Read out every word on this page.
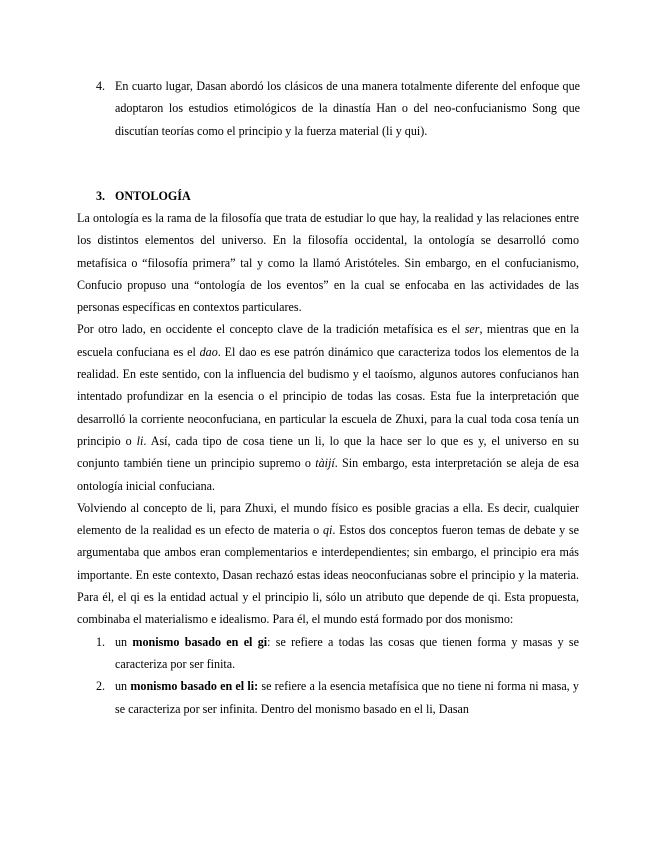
4. En cuarto lugar, Dasan abordó los clásicos de una manera totalmente diferente del enfoque que adoptaron los estudios etimológicos de la dinastía Han o del neo-confucianismo Song que discutían teorías como el principio y la fuerza material (li y qui).
3. ONTOLOGÍA

La ontología es la rama de la filosofía que trata de estudiar lo que hay, la realidad y las relaciones entre los distintos elementos del universo. En la filosofía occidental, la ontología se desarrolló como metafísica o “filosofía primera” tal y como la llamó Aristóteles. Sin embargo, en el confucianismo, Confucio propuso una “ontología de los eventos” en la cual se enfocaba en las actividades de las personas específicas en contextos particulares.

Por otro lado, en occidente el concepto clave de la tradición metafísica es el ser, mientras que en la escuela confuciana es el dao. El dao es ese patrón dinámico que caracteriza todos los elementos de la realidad. En este sentido, con la influencia del budismo y el taoísmo, algunos autores confucianos han intentado profundizar en la esencia o el principio de todas las cosas. Esta fue la interpretación que desarrolló la corriente neoconfuciana, en particular la escuela de Zhuxi, para la cual toda cosa tenía un principio o li. Así, cada tipo de cosa tiene un li, lo que la hace ser lo que es y, el universo en su conjunto también tiene un principio supremo o tàijí. Sin embargo, esta interpretación se aleja de esa ontología inicial confuciana.

Volviendo al concepto de li, para Zhuxi, el mundo físico es posible gracias a ella. Es decir, cualquier elemento de la realidad es un efecto de materia o qi. Estos dos conceptos fueron temas de debate y se argumentaba que ambos eran complementarios e interdependientes; sin embargo, el principio era más importante. En este contexto, Dasan rechazó estas ideas neoconfucianas sobre el principio y la materia. Para él, el qi es la entidad actual y el principio li, sólo un atributo que depende de qi. Esta propuesta, combinaba el materialismo e idealismo. Para él, el mundo está formado por dos monismo:

1. un monismo basado en el gi: se refiere a todas las cosas que tienen forma y masas y se caracteriza por ser finita.
2. un monismo basado en el li: se refiere a la esencia metafísica que no tiene ni forma ni masa, y se caracteriza por ser infinita. Dentro del monismo basado en el li, Dasan
